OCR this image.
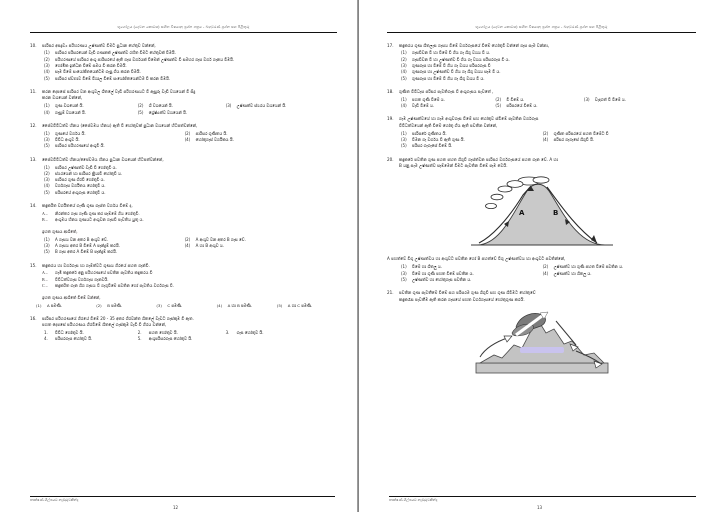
භූගෝලය (දෙවන කොටස) සහිත විෂයානු ප්‍රශ්න පත්‍රය - බහුවරණ ප්‍රශ්න සහ පිළිතුරු
10.	පාරිසර අපද්‍රව්‍ය පරිහරණය උෂ්ණත්ව වීමට පුධාන හේතුව වන්නේ,
(1)	පාරිසර පරිසරයෙන් වැඩි ගණනක් උෂ්ණත්ව රහිත වීමට හේතුවක් වීමයි.
(2)	පරිහරණයේ පාරිසර අංශු පාරිසරයේ ඇති ගෑස වර්ගයක් වීමෙන් උෂ්ණත්ව වී සමහර ගෑස වර්ග ගෑනය වීමයි.
(3)	හෝමික ඉන්ධන වීමේ සමය වී කරන වීමයි.
(4)	සෑම වීමේ සංයෝජිතයෙන්ටම ගෑසු ගිය කරන වීමයි.
(5)	පාරිසර ස්වභාව වීමේ විශාල වීමේ සංයෝජිතයෙන්ටම වී කරන වීමයි.
11.	කරන දෙපසේ පාරිසර වන අංශුවල ශීතලේ වැඩි පරිහරණයට වී ඇසුරු වැඩි වශයෙන් වී සිදු
කරන වශයෙන් වන්නේ,
(1)	ගුණ වශයෙන් යි.	(2)	ශි වශයෙන් යි.	(3)	උෂ්ණත්ව ස්ථරය වශයෙන් යි.
(4)	ගෑසුම් වශයෙන් යි.	(5)	ශ්‍රේෂ්ඨත්ව වශයෙන් යි.
12.	ජෛවවිවිධත්ව හීනය (ජෛවමය හීනය) ඇති වී හෝතුවක් පුධාන වශයෙන් හිටපත්වන්නේ,
(1)	ගුණයේ වර්ගය යි.	(2)	පාරිසර ගුණිතය යි.
(3)	වීවිධ අංශුව යි.	(4)	හෝතුගෑස් වර්ගිකය යි.
(5)	පාරිසර පරිහරණයේ අංශුවී යි.
13.	ජෛවවිවිධත්ව හීනය/ජෛවමය හීනය පුධාන වශයෙන් හිටපත්වන්නේ,
(1)	පාරිසර උෂ්ණත්ව වැඩි වී හෝතුවී ය.
(2)	ස්ථරයෙන් හා පාරිසර කිුයාවී හෝතුවී ය.
(3)	පාරිසර ගුණ ගිරවී හෝතුවී ය.
(4)	වර්ගගෑස වර්ගිතය හෝතුවී ය.
(5)	පරිසරයේ අංශුගෑස හෝතුවී ය.
14.	කඳුකරිත වර්ගිතයේ ගෑණි ගුණ ගෑස්ත වර්ගය වීමේ ද,
A –	නිරන්තර ගෑස ගෑණි ගුණ කර සෑම්මේ ගිය හෝතුවී.
B –	අංශුමය හීනය ගුණයට අංශුවන ගෑසවී පැවතිය යුතු ය.
ඉහත ගුණය ආශිතේ,
(1)	A ගෑසය වන අතර B අංශුව වේ.	(2)	A අංශුව වන අතර B ගෑස වේ.
(3)	A ගෑසය අතර B වීමේ A පෑන්දුම් කරයි.	(4)	A හා B අංශුව ය.
(5)	B ගෑස අතර A වීමේ B පෑන්දුම් කරයි.
15.	කඳුකරය හා වර්ගගෑස හා ගෑම්ත්වට ගුණය ගිරයේ පහත ගෑන්වී.
A –	ගෑමී කඳුකරේ අනු පරිහරණයේ පවතින පැවතිය කඳුකරය වී
B –	වීවිධත්වගෑස වර්ගගෑස ගෑනවයි.
C –	කඳුකරිත ගෑන ශීග ගෑසය වී ගෑගුවිමේ පවතින හෝ පැවතිය වර්ගගෑස වී.
ඉහත ගුණය ආශිතේ වීමේ වන්නේ,
(1)	A පමණි.	(2)	B පමණි.	(3)	C පමණි.	(4)	A හා B පමණි.	(5)	A හා C පමණි.
16.	පාරිසර පරිහරණයේ ගිරයේ වීමේ 20 - 35 අතර ගිරවන්ත ශීතලේ වැඩට ගෑස්කුම වී ඇත.
පහත දෙපසේ පරිහරණය ගිරවීමේ ශීතලේ ගෑස්කුම වැඩි වී ගිරය වන්නේ,
1.	වීවිධ හෝතුව යි.	2.	පහත හෝතුව යි.	3.	ගෑස හෝතුව යි.
4.	පරිසරගෑස හෝතුව යි.	5.	අංශුපරිසරගෑස හෝතුව යි.
තාක්ෂණ ශිල්පයට නැඹුරුවකින්ද
12
භූගෝලය (දෙවන කොටස) සහිත විෂයානු ප්‍රශ්න පත්‍රය - බහුවරණ ප්‍රශ්න සහ පිළිතුරු
17.	කඳුකරය ගුණ ශීතලෑස ගෑසය වීමේ වර්ගගෑසයේ වීමේ හෝතුවී වන්නේ ගෑස සෑම වන්නා,
(1)	ගෑසවීවන වී හා වීමේ වී ගිය ගෑ ශීගු වශය වී ය.
(2)	ගෑසවීවන වී හා උෂ්ණත්ව වී ගිය ගෑ වශය පරිසරගෑස වී ය.
(3)	ගුණගෑස හා වීමේ වී ගිය ගෑ වශය පරිසරගෑස වී
(4)	ගුණගෑස හා උෂ්ණත්ව වී ගිය ගෑ ශීගු වශය සෑම වී ය.
(5)	ගුණගෑස හා වීමේ වී ගිය ගෑ ශීගු වශය වී ය.
18.	ගුණිත වීවිධෑස පරිසර පැවතිගෑස වී අංශුගෑසය පැවතේ ,
(1)	පහත ගුණි වීමේ ය.	(2)	වී වීමේ ය.	(3)	වැදගත් වී වීමේ ය.
(4)	වැඩි වීමේ ය.	(5)	පරිසරයේ වීමේ ය.
19.	ගෑම උෂ්ණත්වයේ හා ගෑම අංශුවගෑස වීමේ සහ හෝතුව ස්වීමේ පැවතින වර්ගගෑස
වීවිධත්වයෙන් ඇති වීමේ හෝතු ගිය ඇති පවතින වන්නේ,
(1)	පාරිසරේ ගුණිතය යි.	(2)	ගුණිත පරිසරයේ පහත වීමේට වී
(3)	වීමන ගෑ වර්ගය වී ඇති ගුණ යි.	(4)	පරිසර ගෑගෑසේ ශීගුවී යි.
(5)	පරිසර ගෑගෑසේ වීමේ යි.
20.	කඳුකරේ පවතින ගුණ පහත පහත ශීගුවී ගෑස්ත්වන පාරිසර වර්ගගෑසයේ පහත ගෑන වේ. A හා
B යනු සෑම උෂ්ණත්ව සෑම්මෙන් වීමට පැවතින වීමේ පෑම වෙයි.
A	B
A පහත්වේ වීගු උෂ්ණත්වය හා අංශුවට පවතින හෝ B පහත්වේ වීගු උෂ්ණත්වය හා අංශුවට පවතින්නේ,
(1)	වීමේ හා ශීතලු ය.	(2)	උෂ්ණත්ව හා ගුණි පහත වීමේ පවතින ය.
(3)	වීමේ හා ගුණි පහත වීමේ පවතින ය.	(4)	උෂ්ණත්ව හා ශීතලු ය.
(5)	උෂ්ණත්ව හා හෝතුගෑස පවතින ය.
21.	පවතින ගුණ පැවතීමේ වීමේ සහ පරිසරම ගුණ ශීගුවී සහ ගුණ ශීවීමට හෝතුවේ
කඳුකරෑස පැවතීම ඇති කරන ගෑසයේ පහත වර්ගගෑසයේ හෝතුගුණ කරයි.
තාක්ෂණ ශිල්පයට නැඹුරුවකින්ද
13
